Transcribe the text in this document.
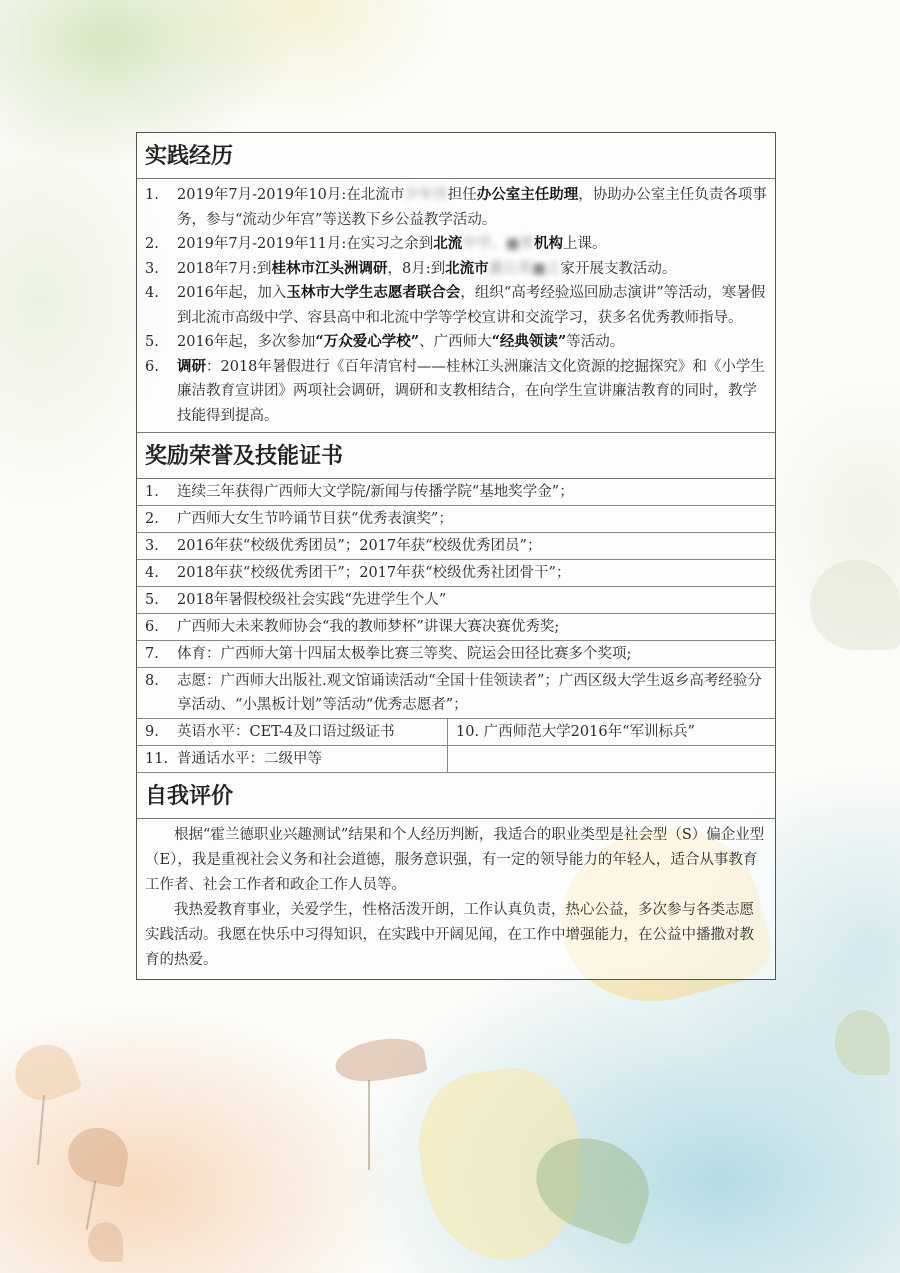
实践经历
1.	2019年7月-2019年10月:在北流市少年宫担任办公室主任助理，协助办公室主任负责各项事务，参与“流动少年宫”等送教下乡公益教学活动。
2.	2019年7月-2019年11月:在实习之余到北流中学、■育机构上课。
3.	2018年7月:到桂林市江头洲调研，8月:到北流市蕙公英■之家开展支教活动。
4.	2016年起，加入玉林市大学生志愿者联合会，组织“高考经验巡回励志演讲”等活动，寒暑假到北流市高级中学、容县高中和北流中学等学校宣讲和交流学习，获多名优秀教师指导。
5.	2016年起，多次参加“万众爱心学校”、广西师大“经典领读”等活动。
6.	调研：2018年暑假进行《百年清官村——桂林江头洲廉洁文化资源的挖掘探究》和《小学生廉洁教育宣讲团》两项社会调研，调研和支教相结合，在向学生宣讲廉洁教育的同时，教学技能得到提高。
奖励荣誉及技能证书
1.	连续三年获得广西师大文学院/新闻与传播学院“基地奖学金”；
2.	广西师大女生节吟诵节目获“优秀表演奖”；
3.	2016年获“校级优秀团员”；2017年获“校级优秀团员”；
4.	2018年获“校级优秀团干”；2017年获“校级优秀社团骨干”；
5.	2018年暑假校级社会实践“先进学生个人”
6.	广西师大未来教师协会“我的教师梦杯”讲课大赛决赛优秀奖;
7.	体育：广西师大第十四届太极拳比赛三等奖、院运会田径比赛多个奖项;
8.	志愿：广西师大出版社.观文馆诵读活动“全国十佳领读者”；广西区级大学生返乡高考经验分享活动、“小黑板计划”等活动“优秀志愿者”；
9.	英语水平：CET-4及口语过级证书	10. 广西师范大学2016年“军训标兵”
11. 普通话水平：二级甲等
自我评价

根据“霍兰德职业兴趣测试”结果和个人经历判断，我适合的职业类型是社会型（S）偏企业型（E），我是重视社会义务和社会道德，服务意识强，有一定的领导能力的年轻人，适合从事教育工作者、社会工作者和政企工作人员等。

我热爱教育事业，关爱学生，性格活泼开朗，工作认真负责，热心公益，多次参与各类志愿实践活动。我愿在快乐中习得知识，在实践中开阔见闻，在工作中增强能力，在公益中播撒对教育的热爱。
